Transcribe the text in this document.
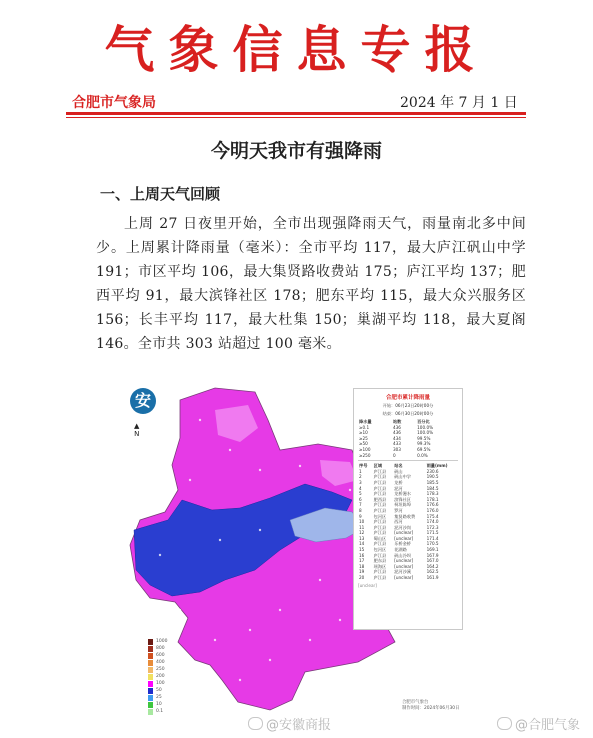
气象信息专报
合肥市气象局	2024 年 7 月 1 日
今明天我市有强降雨
一、上周天气回顾
上周 27 日夜里开始，全市出现强降雨天气，雨量南北多中间少。上周累计降雨量（毫米）：全市平均 117，最大庐江矾山中学 191；市区平均 106，最大集贤路收费站 175；庐江平均 137；肥西平均 91，最大滨锋社区 178；肥东平均 115，最大众兴服务区 156；长丰平均 117，最大杜集 150；巢湖平均 118，最大夏阁 146。全市共 303 站超过 100 毫米。
安
▲
N
合肥市累计降雨量
开始：06月23日20时00分
结束：06月30日20时00分
降水量	站数	百分比
≥0.1	436	100.0%
≥10	436	100.0%
≥25	434	99.5%
≥50	433	99.3%
≥100	303	69.5%
≥250	0	0.0%
序号	区域	站名	雨量(mm)
1	庐江县	矾山	230.6
2	庐江县	矾山中学	190.5
3	庐江县	龙桥	185.5
4	庐江县	泥河	184.5
5	庐江县	龙桥漫水	178.3
6	肥西县	滨锋社区	178.1
7	庐江县	柯坦陈埠	176.6
8	庐江县	罗河	176.0
9	包河区	集贤路收费	175.4
10	庐江县	西河	174.0
11	庐江县	泥河沙岗	172.3
12	庐江县	[unclear]	171.5
13	蜀山区	[unclear]	171.4
14	庐江县	乐桥金桥	170.5
15	包河区	花湖路	169.1
16	庐江县	矾山冷坝	167.9
17	肥东县	[unclear]	167.0
18	瑶海区	[unclear]	164.2
19	庐江县	泥河沙溪	162.5
20	庐江县	[unclear]	161.9
[unclear]
1000
800
600
400
250
200
100
50
25
10
0.1
合肥市气象台
制作时间：2024年06月30日
@安徽商报	@合肥气象
